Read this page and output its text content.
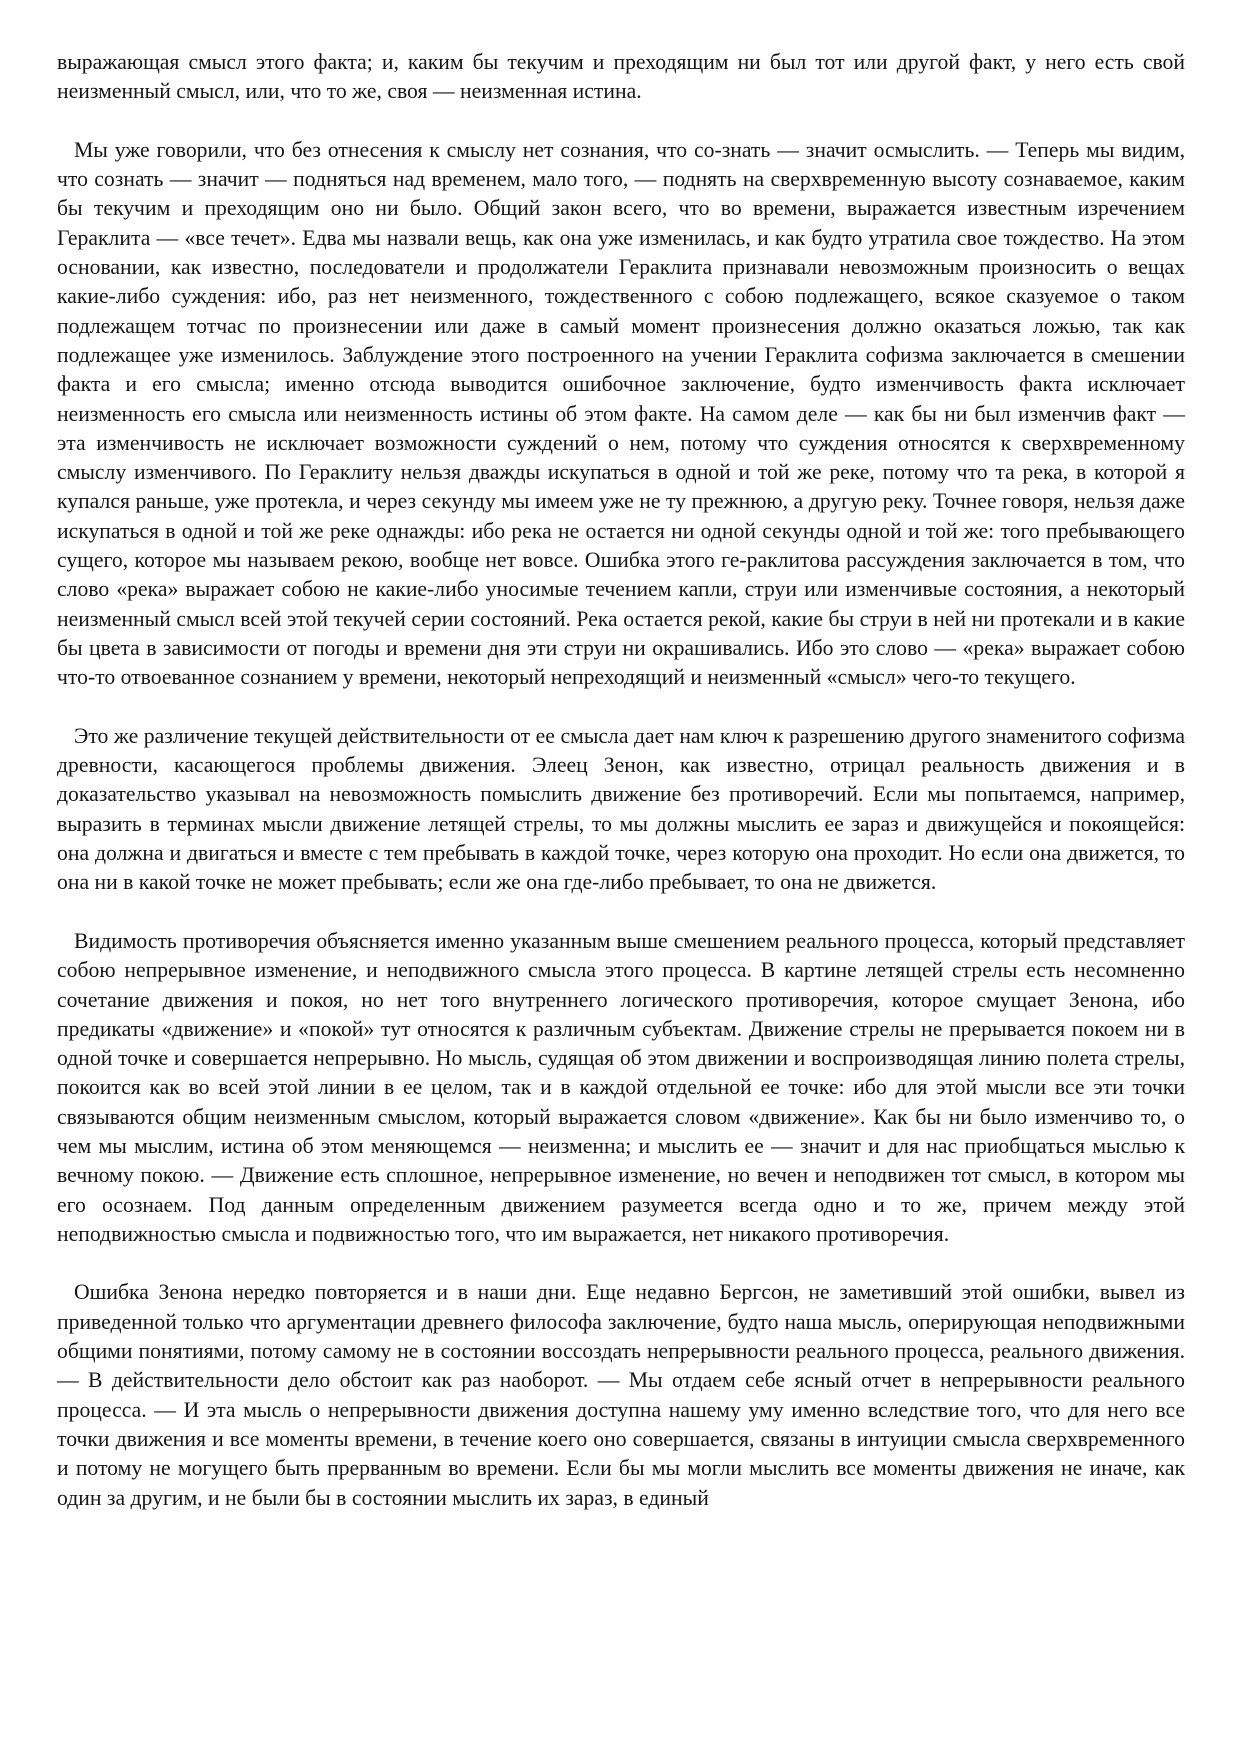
выражающая смысл этого факта; и, каким бы текучим и преходящим ни был тот или другой факт, у него есть свой неизменный смысл, или, что то же, своя — неизменная истина.

Мы уже говорили, что без отнесения к смыслу нет сознания, что со-знать — значит осмыслить. — Теперь мы видим, что сознать — значит — подняться над временем, мало того, — поднять на сверхвременную высоту сознаваемое, каким бы текучим и преходящим оно ни было. Общий закон всего, что во времени, выражается известным изречением Гераклита — «все течет». Едва мы назвали вещь, как она уже изменилась, и как будто утратила свое тождество. На этом основании, как известно, последователи и продолжатели Гераклита признавали невозможным произносить о вещах какие-либо суждения: ибо, раз нет неизменного, тождественного с собою подлежащего, всякое сказуемое о таком подлежащем тотчас по произнесении или даже в самый момент произнесения должно оказаться ложью, так как подлежащее уже изменилось. Заблуждение этого построенного на учении Гераклита софизма заключается в смешении факта и его смысла; именно отсюда выводится ошибочное заключение, будто изменчивость факта исключает неизменность его смысла или неизменность истины об этом факте. На самом деле — как бы ни был изменчив факт — эта изменчивость не исключает возможности суждений о нем, потому что суждения относятся к сверхвременному смыслу изменчивого. По Гераклиту нельзя дважды искупаться в одной и той же реке, потому что та река, в которой я купался раньше, уже протекла, и через секунду мы имеем уже не ту прежнюю, а другую реку. Точнее говоря, нельзя даже искупаться в одной и той же реке однажды: ибо река не остается ни одной секунды одной и той же: того пребывающего сущего, которое мы называем рекою, вообще нет вовсе. Ошибка этого ге-раклитова рассуждения заключается в том, что слово «река» выражает собою не какие-либо уносимые течением капли, струи или изменчивые состояния, а некоторый неизменный смысл всей этой текучей серии состояний. Река остается рекой, какие бы струи в ней ни протекали и в какие бы цвета в зависимости от погоды и времени дня эти струи ни окрашивались. Ибо это слово — «река» выражает собою что-то отвоеванное сознанием у времени, некоторый непреходящий и неизменный «смысл» чего-то текущего.

Это же различение текущей действительности от ее смысла дает нам ключ к разрешению другого знаменитого софизма древности, касающегося проблемы движения. Элеец Зенон, как известно, отрицал реальность движения и в доказательство указывал на невозможность помыслить движение без противоречий. Если мы попытаемся, например, выразить в терминах мысли движение летящей стрелы, то мы должны мыслить ее зараз и движущейся и покоящейся: она должна и двигаться и вместе с тем пребывать в каждой точке, через которую она проходит. Но если она движется, то она ни в какой точке не может пребывать; если же она где-либо пребывает, то она не движется.

Видимость противоречия объясняется именно указанным выше смешением реального процесса, который представляет собою непрерывное изменение, и неподвижного смысла этого процесса. В картине летящей стрелы есть несомненно сочетание движения и покоя, но нет того внутреннего логического противоречия, которое смущает Зенона, ибо предикаты «движение» и «покой» тут относятся к различным субъектам. Движение стрелы не прерывается покоем ни в одной точке и совершается непрерывно. Но мысль, судящая об этом движении и воспроизводящая линию полета стрелы, покоится как во всей этой линии в ее целом, так и в каждой отдельной ее точке: ибо для этой мысли все эти точки связываются общим неизменным смыслом, который выражается словом «движение». Как бы ни было изменчиво то, о чем мы мыслим, истина об этом меняющемся — неизменна; и мыслить ее — значит и для нас приобщаться мыслью к вечному покою. — Движение есть сплошное, непрерывное изменение, но вечен и неподвижен тот смысл, в котором мы его осознаем. Под данным определенным движением разумеется всегда одно и то же, причем между этой неподвижностью смысла и подвижностью того, что им выражается, нет никакого противоречия.

Ошибка Зенона нередко повторяется и в наши дни. Еще недавно Бергсон, не заметивший этой ошибки, вывел из приведенной только что аргументации древнего философа заключение, будто наша мысль, оперирующая неподвижными общими понятиями, потому самому не в состоянии воссоздать непрерывности реального процесса, реального движения. — В действительности дело обстоит как раз наоборот. — Мы отдаем себе ясный отчет в непрерывности реального процесса. — И эта мысль о непрерывности движения доступна нашему уму именно вследствие того, что для него все точки движения и все моменты времени, в течение коего оно совершается, связаны в интуиции смысла сверхвременного и потому не могущего быть прерванным во времени. Если бы мы могли мыслить все моменты движения не иначе, как один за другим, и не были бы в состоянии мыслить их зараз, в единый
